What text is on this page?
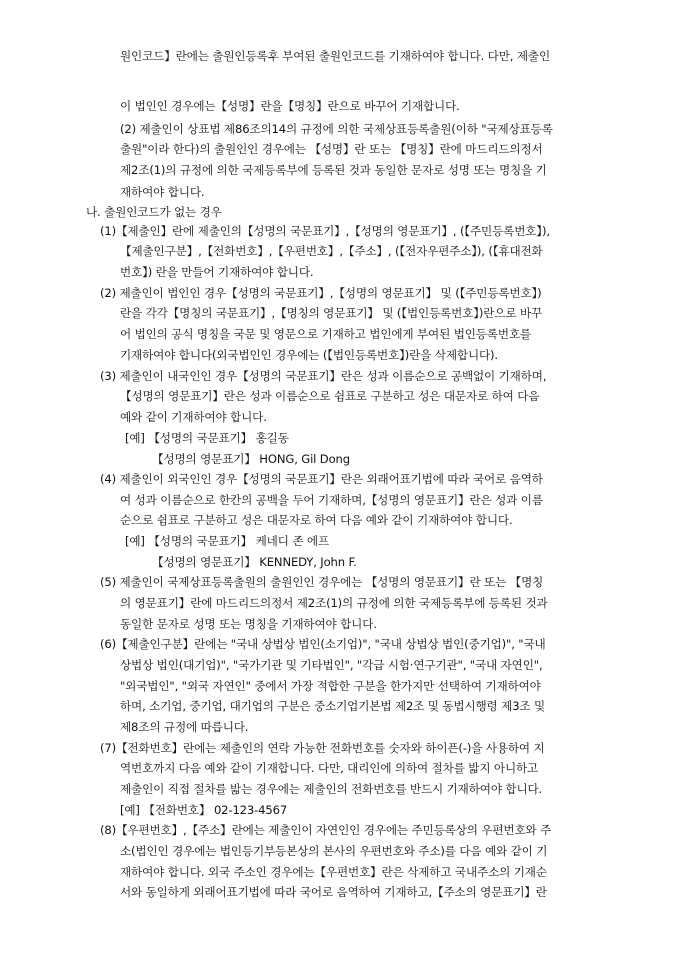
원인코드】란에는 출원인등록후 부여된 출원인코드를 기재하여야 합니다. 다만, 제출인
이 법인인 경우에는【성명】란을【명칭】란으로 바꾸어 기재합니다.
(2) 제출인이 상표법 제86조의14의 규정에 의한 국제상표등록출원(이하 "국제상표등록
출원"이라 한다)의 출원인인 경우에는 【성명】란 또는 【명칭】란에 마드리드의정서
제2조(1)의 규정에 의한 국제등록부에 등록된 것과 동일한 문자로 성명 또는 명칭을 기
재하여야 합니다.
나. 출원인코드가 없는 경우
(1)【제출인】란에 제출인의【성명의 국문표기】,【성명의 영문표기】, (【주민등록번호】),
【제출인구분】,【전화번호】,【우편번호】,【주소】, (【전자우편주소】), (【휴대전화
번호】) 란을 만들어 기재하여야 합니다.
(2) 제출인이 법인인 경우【성명의 국문표기】,【성명의 영문표기】 및 (【주민등록번호】)
란을 각각【명칭의 국문표기】,【명칭의 영문표기】 및 (【법인등록번호】)란으로 바꾸
어 법인의 공식 명칭을 국문 및 영문으로 기재하고 법인에게 부여된 법인등록번호를
기재하여야 합니다(외국법인인 경우에는 (【법인등록번호】)란을 삭제합니다).
(3) 제출인이 내국인인 경우【성명의 국문표기】란은 성과 이름순으로 공백없이 기재하며,
【성명의 영문표기】란은 성과 이름순으로 쉼표로 구분하고 성은 대문자로 하여 다음
예와 같이 기재하여야 합니다.
[예] 【성명의 국문표기】 홍길동
【성명의 영문표기】 HONG, Gil Dong
(4) 제출인이 외국인인 경우【성명의 국문표기】란은 외래어표기법에 따라 국어로 음역하
여 성과 이름순으로 한칸의 공백을 두어 기재하며,【성명의 영문표기】란은 성과 이름
순으로 쉼표로 구분하고 성은 대문자로 하여 다음 예와 같이 기재하여야 합니다.
[예] 【성명의 국문표기】 케네디 존 에프
【성명의 영문표기】 KENNEDY, John F.
(5) 제출인이 국제상표등록출원의 출원인인 경우에는 【성명의 영문표기】란 또는 【명칭
의 영문표기】란에 마드리드의정서 제2조(1)의 규정에 의한 국제등록부에 등록된 것과
동일한 문자로 성명 또는 명칭을 기재하여야 합니다.
(6)【제출인구분】란에는 "국내 상법상 법인(소기업)", "국내 상법상 법인(중기업)", "국내
상법상 법인(대기업)", "국가기관 및 기타법인", "각급 시험·연구기관", "국내 자연인",
"외국법인", "외국 자연인" 중에서 가장 적합한 구분을 한가지만 선택하여 기재하여야
하며, 소기업, 중기업, 대기업의 구분은 중소기업기본법 제2조 및 동법시행령 제3조 및
제8조의 규정에 따릅니다.
(7)【전화번호】란에는 제출인의 연락 가능한 전화번호를 숫자와 하이픈(-)을 사용하여 지
역번호까지 다음 예와 같이 기재합니다. 다만, 대리인에 의하여 절차를 밟지 아니하고
제출인이 직접 절차를 밟는 경우에는 제출인의 전화번호를 반드시 기재하여야 합니다.
[예] 【전화번호】 02-123-4567
(8)【우편번호】,【주소】란에는 제출인이 자연인인 경우에는 주민등록상의 우편번호와 주
소(법인인 경우에는 법인등기부등본상의 본사의 우편번호와 주소)를 다음 예와 같이 기
재하여야 합니다. 외국 주소인 경우에는【우편번호】란은 삭제하고 국내주소의 기재순
서와 동일하게 외래어표기법에 따라 국어로 음역하여 기재하고,【주소의 영문표기】란
